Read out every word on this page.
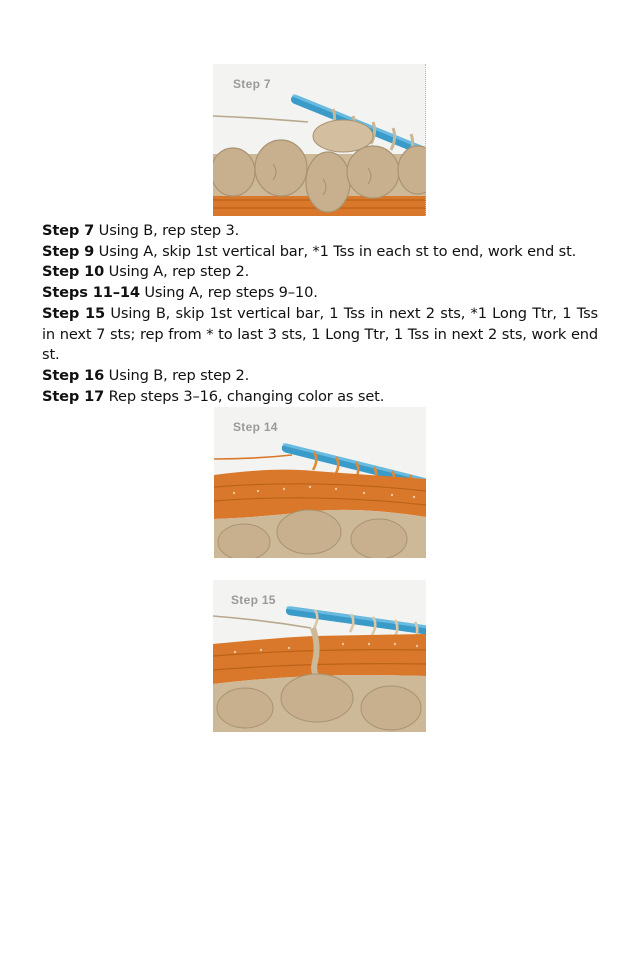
Step 7
Step 7 Using B, rep step 3.
Step 9 Using A, skip 1st vertical bar, *1 Tss in each st to end, work end st.
Step 10 Using A, rep step 2.
Steps 11–14 Using A, rep steps 9–10.
Step 15 Using B, skip 1st vertical bar, 1 Tss in next 2 sts, *1 Long Ttr, 1 Tss in next 7 sts; rep from * to last 3 sts, 1 Long Ttr, 1 Tss in next 2 sts, work end st.
Step 16 Using B, rep step 2.
Step 17 Rep steps 3–16, changing color as set.
Step 14
Step 15
